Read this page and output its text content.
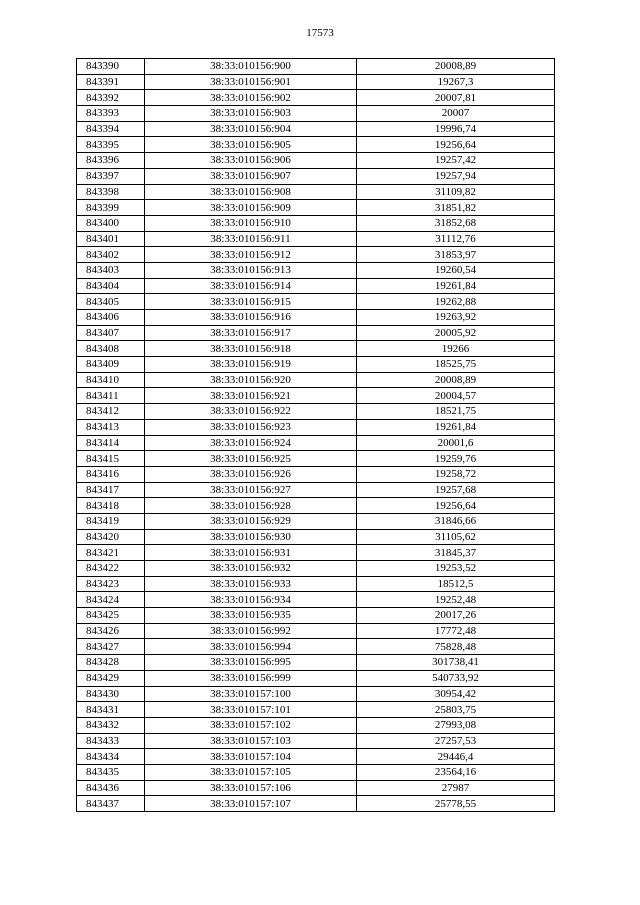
17573
843390	38:33:010156:900	20008,89
843391	38:33:010156:901	19267,3
843392	38:33:010156:902	20007,81
843393	38:33:010156:903	20007
843394	38:33:010156:904	19996,74
843395	38:33:010156:905	19256,64
843396	38:33:010156:906	19257,42
843397	38:33:010156:907	19257,94
843398	38:33:010156:908	31109,82
843399	38:33:010156:909	31851,82
843400	38:33:010156:910	31852,68
843401	38:33:010156:911	31112,76
843402	38:33:010156:912	31853,97
843403	38:33:010156:913	19260,54
843404	38:33:010156:914	19261,84
843405	38:33:010156:915	19262,88
843406	38:33:010156:916	19263,92
843407	38:33:010156:917	20005,92
843408	38:33:010156:918	19266
843409	38:33:010156:919	18525,75
843410	38:33:010156:920	20008,89
843411	38:33:010156:921	20004,57
843412	38:33:010156:922	18521,75
843413	38:33:010156:923	19261,84
843414	38:33:010156:924	20001,6
843415	38:33:010156:925	19259,76
843416	38:33:010156:926	19258,72
843417	38:33:010156:927	19257,68
843418	38:33:010156:928	19256,64
843419	38:33:010156:929	31846,66
843420	38:33:010156:930	31105,62
843421	38:33:010156:931	31845,37
843422	38:33:010156:932	19253,52
843423	38:33:010156:933	18512,5
843424	38:33:010156:934	19252,48
843425	38:33:010156:935	20017,26
843426	38:33:010156:992	17772,48
843427	38:33:010156:994	75828,48
843428	38:33:010156:995	301738,41
843429	38:33:010156:999	540733,92
843430	38:33:010157:100	30954,42
843431	38:33:010157:101	25803,75
843432	38:33:010157:102	27993,08
843433	38:33:010157:103	27257,53
843434	38:33:010157:104	29446,4
843435	38:33:010157:105	23564,16
843436	38:33:010157:106	27987
843437	38:33:010157:107	25778,55
